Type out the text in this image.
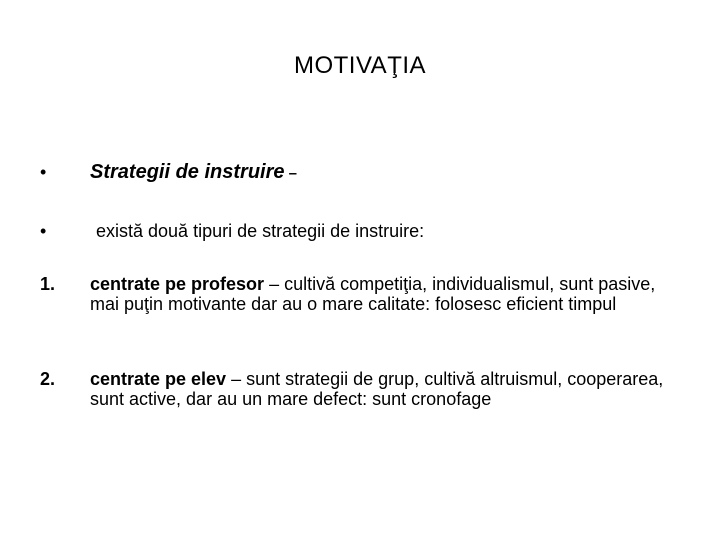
MOTIVAŢIA
• Strategii de instruire –
•	există două tipuri de strategii de instruire:
1. centrate pe profesor – cultivă competiţia, individualismul, sunt pasive, mai puţin motivante dar au o mare calitate: folosesc eficient timpul
2. centrate pe elev – sunt strategii de grup, cultivă altruismul, cooperarea, sunt active, dar au un mare defect: sunt cronofage
